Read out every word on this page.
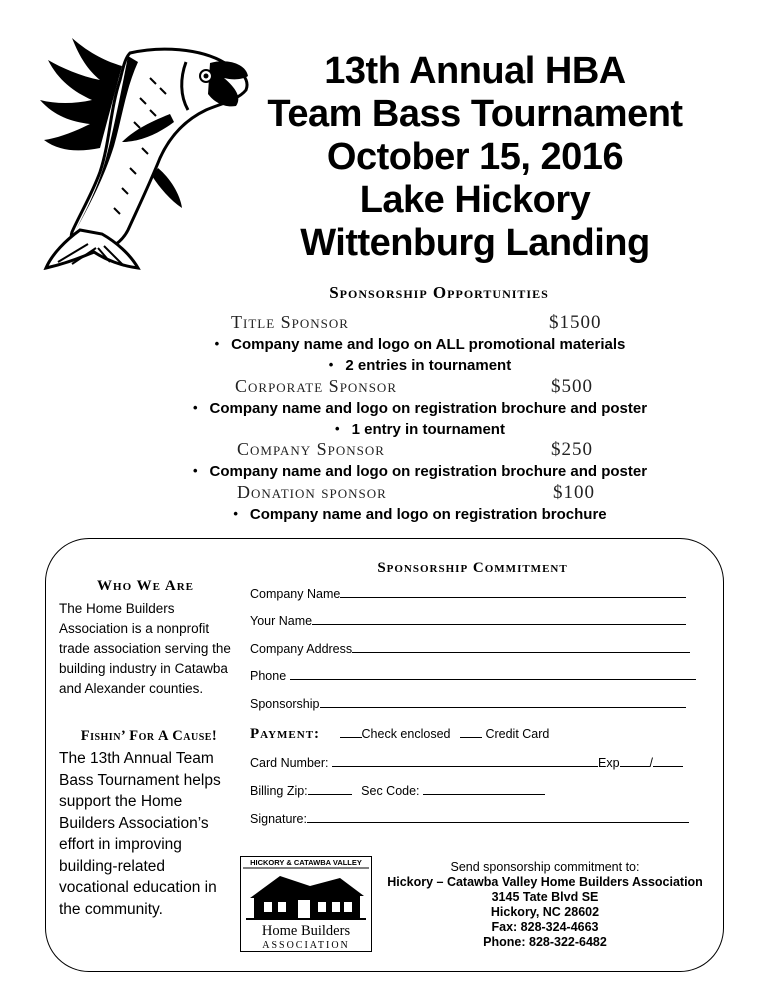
13th Annual HBA
Team Bass Tournament
October 15, 2016
Lake Hickory
Wittenburg Landing
Sponsorship Opportunities
Title Sponsor	$1500
• Company name and logo on ALL promotional materials
• 2 entries in tournament
Corporate Sponsor	$500
• Company name and logo on registration brochure and poster
• 1 entry in tournament
Company Sponsor	$250
• Company name and logo on registration brochure and poster
Donation sponsor	$100
• Company name and logo on registration brochure
Who We Are
The Home Builders Association is a nonprofit trade association serving the building industry in Catawba and Alexander counties.
Fishin’ For A Cause!
The 13th Annual Team Bass Tournament helps support the Home Builders Association’s effort in improving building-related vocational education in the community.
Sponsorship Commitment
Company Name
Your Name
Company Address
Phone
Sponsorship
Payment:	Check enclosed	Credit Card
Card Number:	Exp /
Billing Zip:	Sec Code:
Signature:
HICKORY & CATAWBA VALLEY
Home Builders
ASSOCIATION
Send sponsorship commitment to:
Hickory – Catawba Valley Home Builders Association
3145 Tate Blvd SE
Hickory, NC 28602
Fax: 828-324-4663
Phone: 828-322-6482
